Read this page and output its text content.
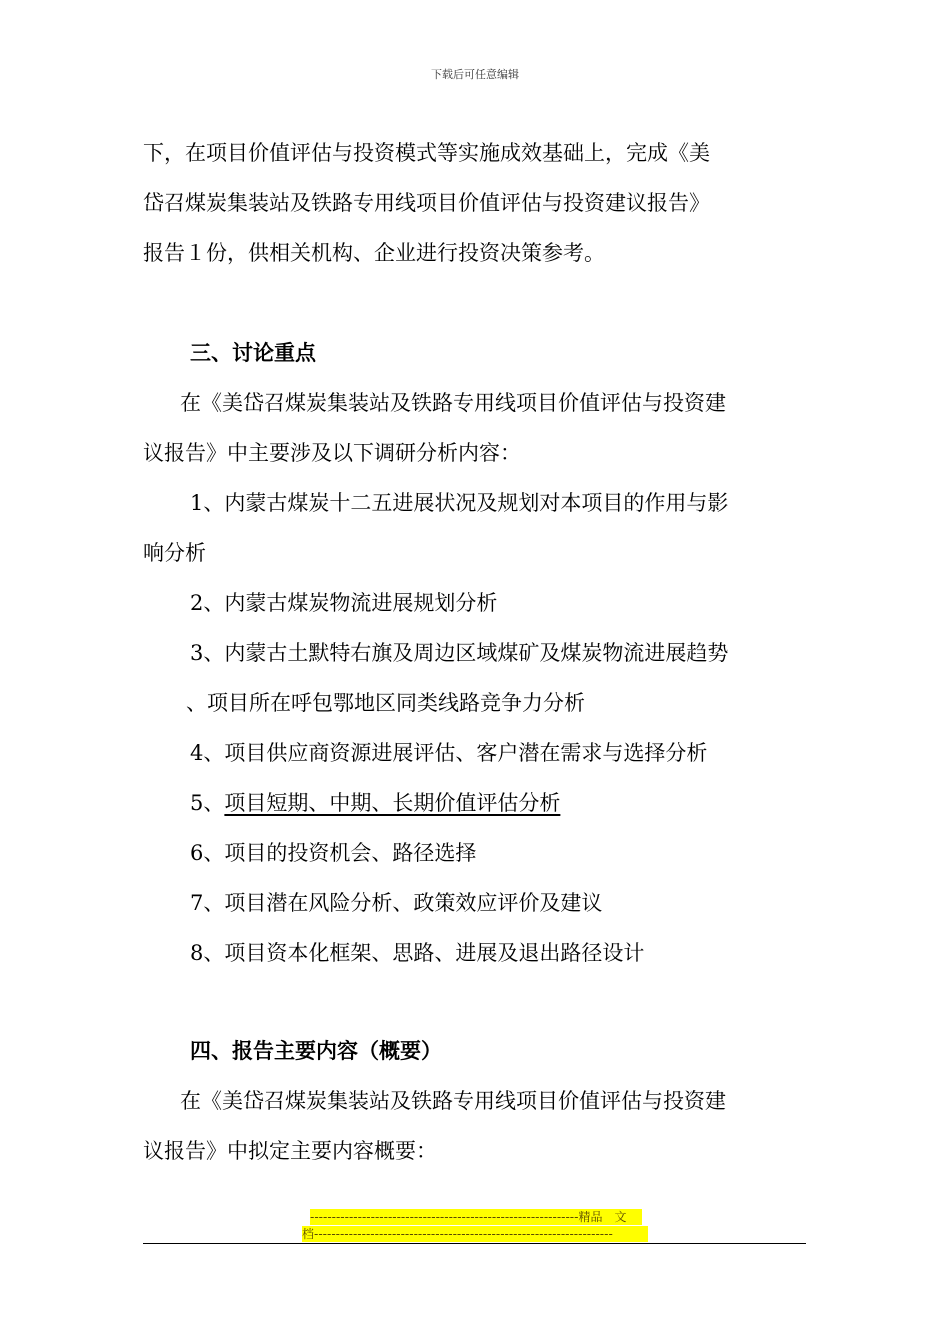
下载后可任意编辑
下，在项目价值评估与投资模式等实施成效基础上，完成《美
岱召煤炭集装站及铁路专用线项目价值评估与投资建议报告》
报告１份，供相关机构、企业进行投资决策参考。
三、讨论重点
在《美岱召煤炭集装站及铁路专用线项目价值评估与投资建
议报告》中主要涉及以下调研分析内容：
1、内蒙古煤炭十二五进展状况及规划对本项目的作用与影
响分析
2、内蒙古煤炭物流进展规划分析
3、内蒙古土默特右旗及周边区域煤矿及煤炭物流进展趋势
、项目所在呼包鄂地区同类线路竞争力分析
4、项目供应商资源进展评估、客户潜在需求与选择分析
5、项目短期、中期、长期价值评估分析
6、项目的投资机会、路径选择
7、项目潜在风险分析、政策效应评价及建议
8、项目资本化框架、思路、进展及退出路径设计
四、报告主要内容（概要）
在《美岱召煤炭集装站及铁路专用线项目价值评估与投资建
议报告》中拟定主要内容概要：
--------------------------------------------------------------精品　文
档---------------------------------------------------------------------
